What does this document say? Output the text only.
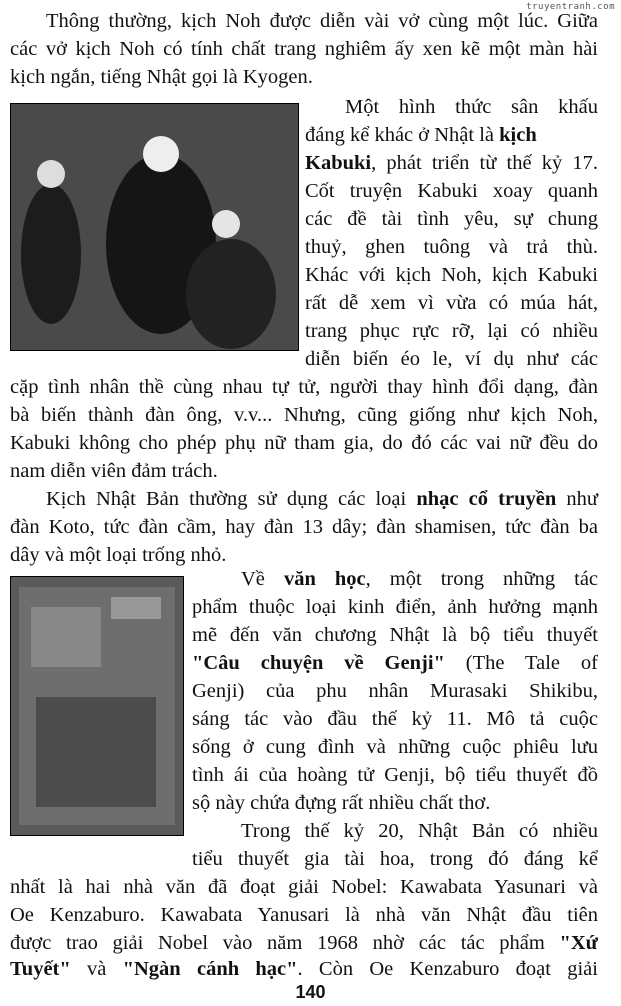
truyentranh.com
Thông thường, kịch Noh được diễn vài vở cùng một lúc. Giữa
các vở kịch Noh có tính chất trang nghiêm ấy xen kẽ một màn hài
kịch ngắn, tiếng Nhật gọi là Kyogen.
Một hình thức sân khấu
đáng kể khác ở Nhật là kịch
Kabuki, phát triển từ thế kỷ 17.
Cốt truyện Kabuki xoay quanh
các đề tài tình yêu, sự chung
thuỷ, ghen tuông và trả thù.
Khác với kịch Noh, kịch Kabuki
rất dễ xem vì vừa có múa hát,
trang phục rực rỡ, lại có nhiều
diễn biến éo le, ví dụ như các
cặp tình nhân thề cùng nhau tự tử, người thay hình đổi dạng, đàn
bà biến thành đàn ông, v.v... Nhưng, cũng giống như kịch Noh,
Kabuki không cho phép phụ nữ tham gia, do đó các vai nữ đều do
nam diễn viên đảm trách.
Kịch Nhật Bản thường sử dụng các loại nhạc cổ truyền như
đàn Koto, tức đàn cầm, hay đàn 13 dây; đàn shamisen, tức đàn ba
dây và một loại trống nhỏ.
Về văn học, một trong những tác
phẩm thuộc loại kinh điển, ảnh hưởng mạnh
mẽ đến văn chương Nhật là bộ tiểu thuyết
"Câu chuyện về Genji" (The Tale of
Genji) của phu nhân Murasaki Shikibu,
sáng tác vào đầu thế kỷ 11. Mô tả cuộc
sống ở cung đình và những cuộc phiêu lưu
tình ái của hoàng tử Genji, bộ tiểu thuyết đồ
sộ này chứa đựng rất nhiều chất thơ.
Trong thế kỷ 20, Nhật Bản có nhiều
tiểu thuyết gia tài hoa, trong đó đáng kể
nhất là hai nhà văn đã đoạt giải Nobel: Kawabata Yasunari và
Oe Kenzaburo. Kawabata Yanusari là nhà văn Nhật đầu tiên
được trao giải Nobel vào năm 1968 nhờ các tác phẩm "Xứ
Tuyết" và "Ngàn cánh hạc". Còn Oe Kenzaburo đoạt giải
140
